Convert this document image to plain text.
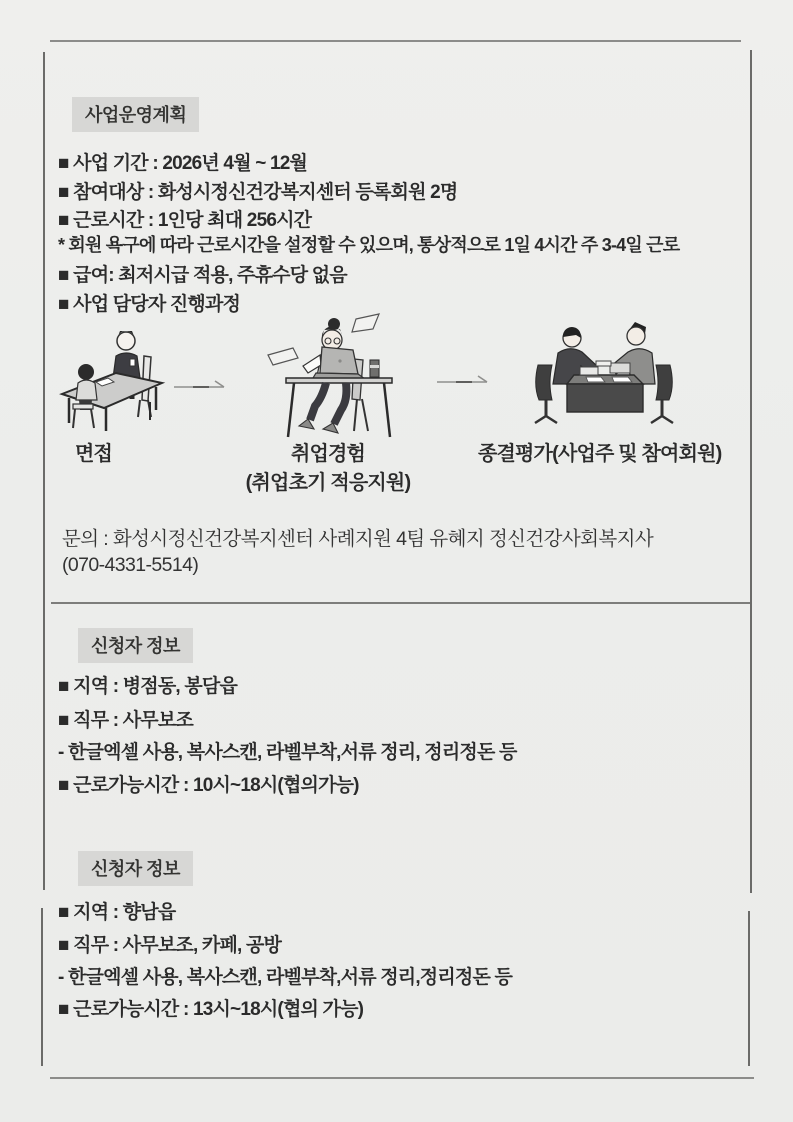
사업운영계획
■ 사업 기간 : 2026년 4월 ~ 12월
■ 참여대상 : 화성시정신건강복지센터 등록회원 2명
■ 근로시간 : 1인당 최대 256시간
* 회원 욕구에 따라 근로시간을 설정할 수 있으며, 통상적으로 1일 4시간 주 3-4일 근로
■ 급여: 최저시급 적용, 주휴수당 없음
■ 사업 담당자 진행과정
면접	취업경험
(취업초기 적응지원)
종결평가(사업주 및 참여회원)
문의 : 화성시정신건강복지센터 사례지원 4팀 유혜지 정신건강사회복지사
(070-4331-5514)
신청자 정보
■ 지역 : 병점동, 봉담읍
■ 직무 : 사무보조
- 한글엑셀 사용, 복사스캔, 라벨부착,서류 정리, 정리정돈 등
■ 근로가능시간 : 10시~18시(협의가능)
신청자 정보
■ 지역 : 향남읍
■ 직무 : 사무보조, 카페, 공방
- 한글엑셀 사용, 복사스캔, 라벨부착,서류 정리,정리정돈 등
■ 근로가능시간 : 13시~18시(협의 가능)
